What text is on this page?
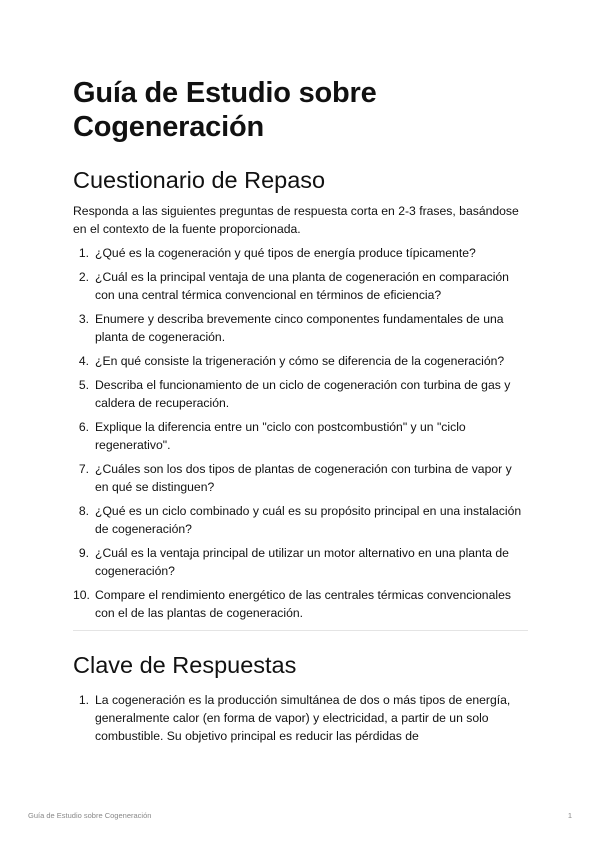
Guía de Estudio sobre Cogeneración
Cuestionario de Repaso

Responda a las siguientes preguntas de respuesta corta en 2-3 frases, basándose en el contexto de la fuente proporcionada.

1. ¿Qué es la cogeneración y qué tipos de energía produce típicamente?
2. ¿Cuál es la principal ventaja de una planta de cogeneración en comparación con una central térmica convencional en términos de eficiencia?
3. Enumere y describa brevemente cinco componentes fundamentales de una planta de cogeneración.
4. ¿En qué consiste la trigeneración y cómo se diferencia de la cogeneración?
5. Describa el funcionamiento de un ciclo de cogeneración con turbina de gas y caldera de recuperación.
6. Explique la diferencia entre un "ciclo con postcombustión" y un "ciclo regenerativo".
7. ¿Cuáles son los dos tipos de plantas de cogeneración con turbina de vapor y en qué se distinguen?
8. ¿Qué es un ciclo combinado y cuál es su propósito principal en una instalación de cogeneración?
9. ¿Cuál es la ventaja principal de utilizar un motor alternativo en una planta de cogeneración?
10. Compare el rendimiento energético de las centrales térmicas convencionales con el de las plantas de cogeneración.
Clave de Respuestas
1. La cogeneración es la producción simultánea de dos o más tipos de energía, generalmente calor (en forma de vapor) y electricidad, a partir de un solo combustible. Su objetivo principal es reducir las pérdidas de
Guía de Estudio sobre Cogeneración	1
